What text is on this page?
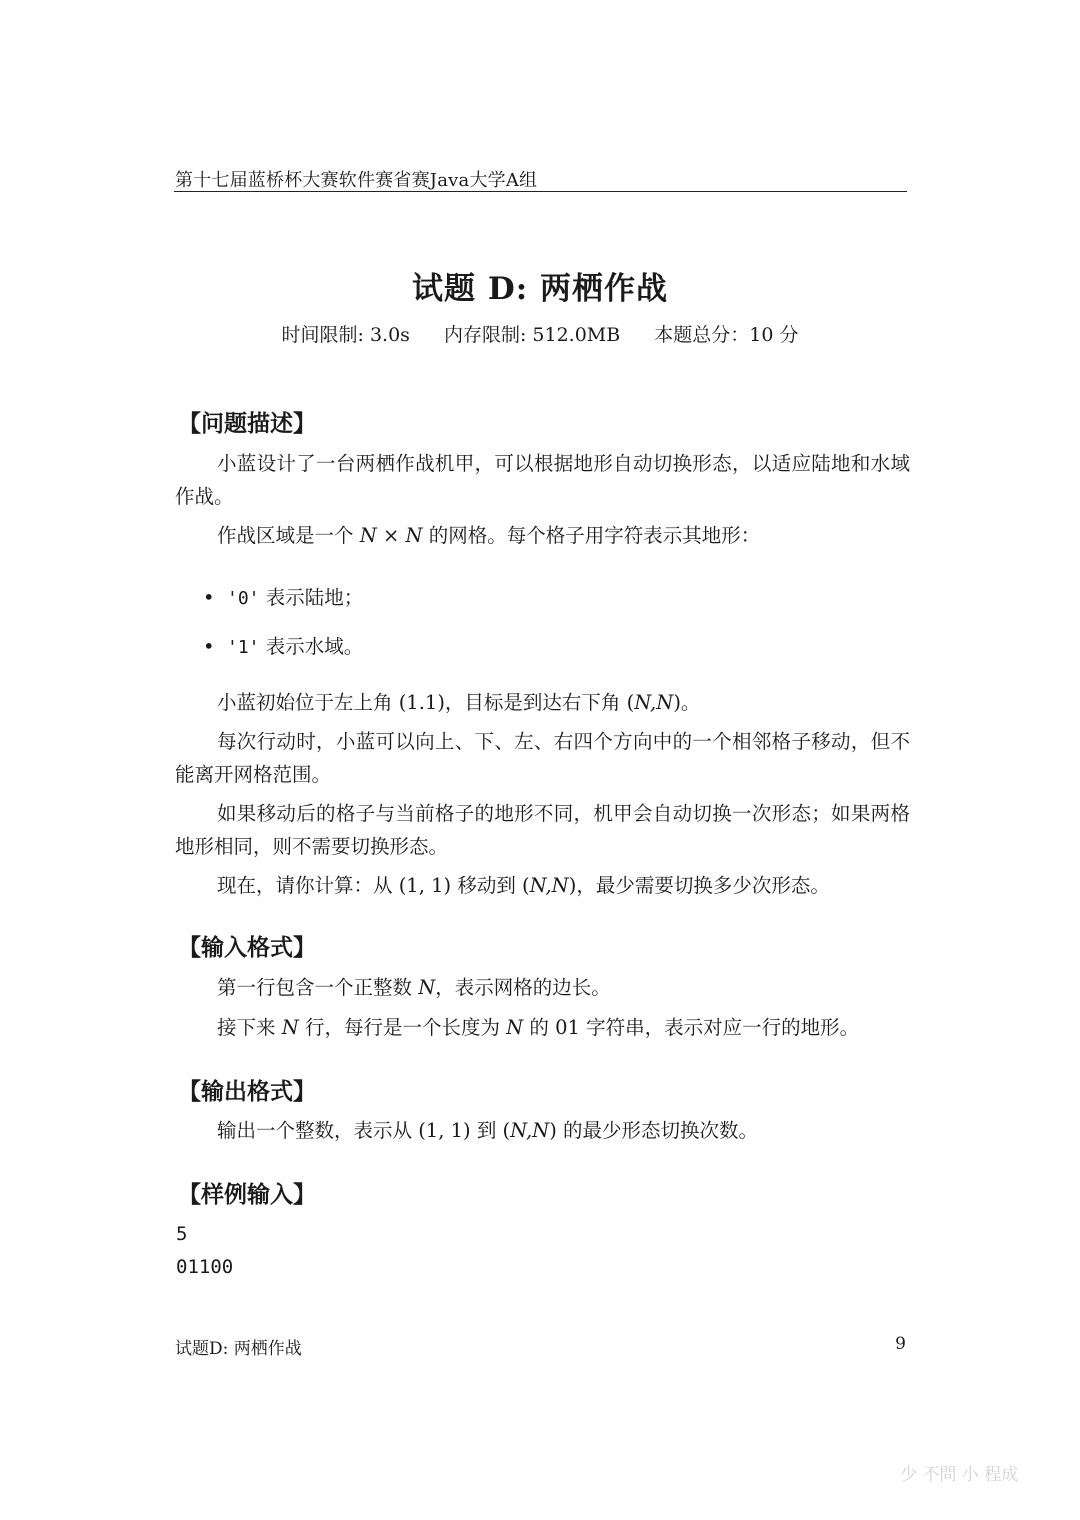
第十七届蓝桥杯大赛软件赛省赛Java大学A组
试题 D: 两栖作战
时间限制: 3.0s 内存限制: 512.0MB 本题总分：10 分
【问题描述】
小蓝设计了一台两栖作战机甲，可以根据地形自动切换形态，以适应陆地和水域作战。
作战区域是一个 N × N 的网格。每个格子用字符表示其地形：
• '0' 表示陆地；
• '1' 表示水域。
小蓝初始位于左上角 (1.1)，目标是到达右下角 (N,N)。
每次行动时，小蓝可以向上、下、左、右四个方向中的一个相邻格子移动，但不能离开网格范围。
如果移动后的格子与当前格子的地形不同，机甲会自动切换一次形态；如果两格地形相同，则不需要切换形态。
现在，请你计算：从 (1, 1) 移动到 (N,N)，最少需要切换多少次形态。
【输入格式】
第一行包含一个正整数 N，表示网格的边长。
接下来 N 行，每行是一个长度为 N 的 01 字符串，表示对应一行的地形。
【输出格式】
输出一个整数，表示从 (1, 1) 到 (N,N) 的最少形态切换次数。
【样例输入】
5
01100
试题D: 两栖作战	9
少 不問 小 程成
